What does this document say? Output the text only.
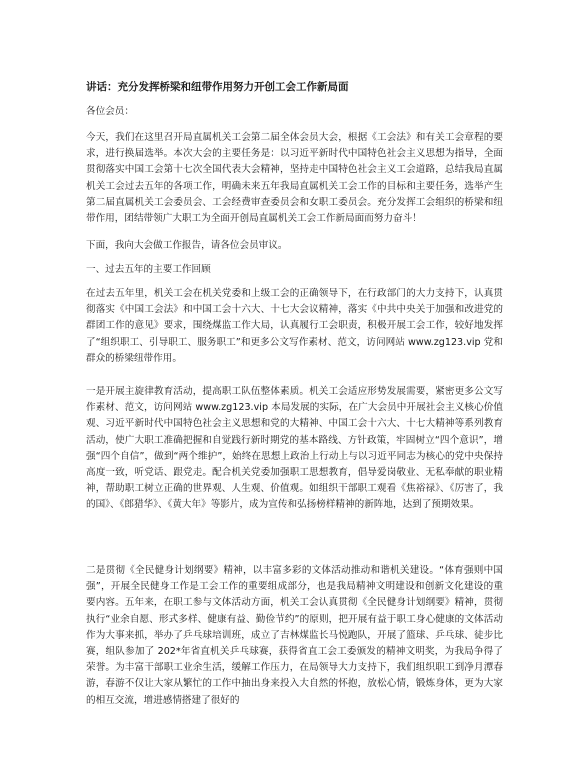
讲话：充分发挥桥梁和纽带作用努力开创工会工作新局面

各位会员：

今天，我们在这里召开局直属机关工会第二届全体会员大会，根据《工会法》和有关工会章程的要求，进行换届选举。本次大会的主要任务是：以习近平新时代中国特色社会主义思想为指导，全面贯彻落实中国工会第十七次全国代表大会精神，坚持走中国特色社会主义工会道路，总结我局直属机关工会过去五年的各项工作，明确未来五年我局直属机关工会工作的目标和主要任务，选举产生第二届直属机关工会委员会、工会经费审查委员会和女职工委员会。充分发挥工会组织的桥梁和纽带作用，团结带领广大职工为全面开创局直属机关工会工作新局面而努力奋斗！

下面，我向大会做工作报告，请各位会员审议。

一、过去五年的主要工作回顾

在过去五年里，机关工会在机关党委和上级工会的正确领导下，在行政部门的大力支持下，认真贯彻落实《中国工会法》和中国工会十六大、十七大会议精神，落实《中共中央关于加强和改进党的群团工作的意见》要求，围绕煤监工作大局，认真履行工会职责，积极开展工会工作，较好地发挥了“组织职工、引导职工、服务职工”和更多公文写作素材、范文，访问网站 www.zg123.vip 党和群众的桥梁纽带作用。

一是开展主旋律教育活动，提高职工队伍整体素质。机关工会适应形势发展需要，紧密更多公文写作素材、范文，访问网站 www.zg123.vip 本局发展的实际，在广大会员中开展社会主义核心价值观、习近平新时代中国特色社会主义思想和党的大精神、中国工会十六大、十七大精神等系列教育活动，使广大职工准确把握和自觉践行新时期党的基本路线、方针政策，牢固树立“四个意识”，增强“四个自信”，做到“两个维护”，始终在思想上政治上行动上与以习近平同志为核心的党中央保持高度一致，听党话、跟党走。配合机关党委加强职工思想教育，倡导爱岗敬业、无私奉献的职业精神，帮助职工树立正确的世界观、人生观、价值观。如组织干部职工观看《焦裕禄》、《厉害了，我的国》、《郎猎华》、《黄大年》等影片，成为宣传和弘扬榜样精神的新阵地，达到了预期效果。

二是贯彻《全民健身计划纲要》精神，以丰富多彩的文体活动推动和谐机关建设。“体育强则中国强”，开展全民健身工作是工会工作的重要组成部分，也是我局精神文明建设和创新文化建设的重要内容。五年来，在职工参与文体活动方面，机关工会认真贯彻《全民健身计划纲要》精神，贯彻执行“业余自愿、形式多样、健康有益、勤俭节约”的原则，把开展有益于职工身心健康的文体活动作为大事来抓，举办了乒乓球培训班，成立了吉林煤监长马悦跑队，开展了篮球、乒乓球、徒步比赛，组队参加了 202*年省直机关乒乓球赛，获得省直工会工委颁发的精神文明奖，为我局争得了荣誉。为丰富干部职工业余生活，缓解工作压力，在局领导大力支持下，我们组织职工到净月潭春游，春游不仅让大家从繁忙的工作中抽出身来投入大自然的怀抱，放松心情，锻炼身体，更为大家的相互交流，增进感情搭建了很好的
